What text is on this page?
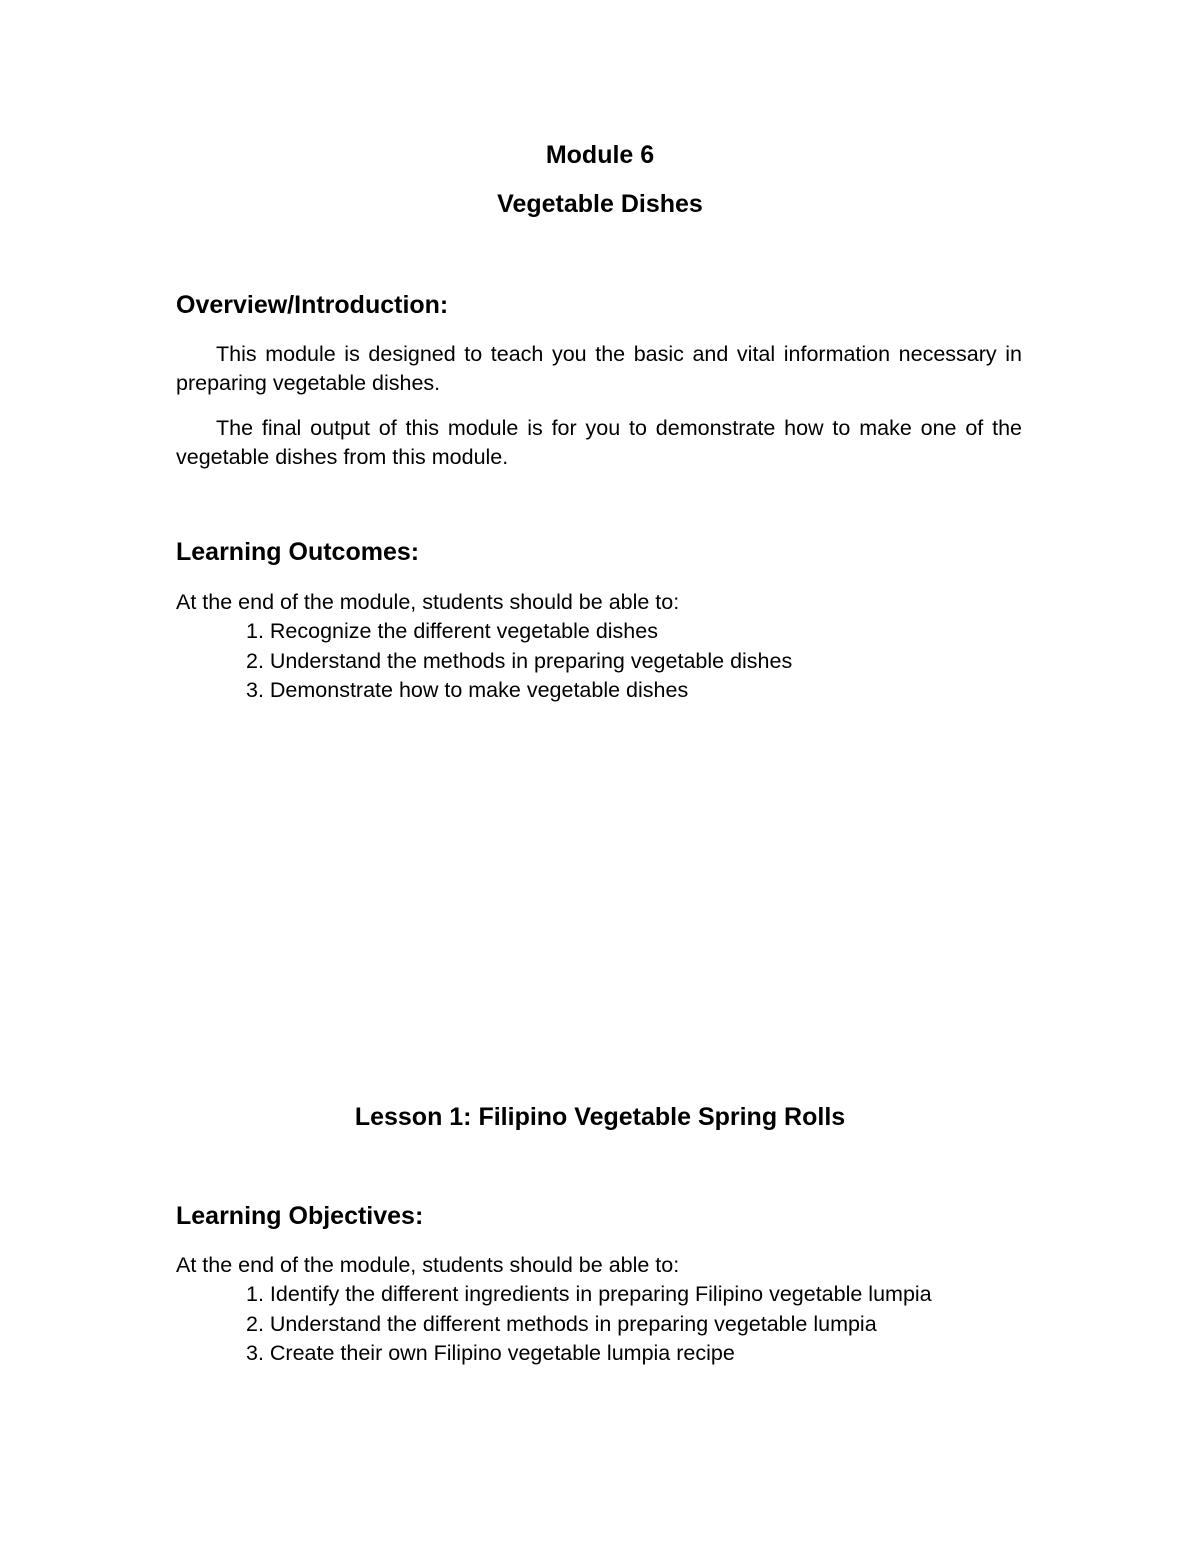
Module 6
Vegetable Dishes
Overview/Introduction:

This module is designed to teach you the basic and vital information necessary in preparing vegetable dishes.

The final output of this module is for you to demonstrate how to make one of the vegetable dishes from this module.

Learning Outcomes:

At the end of the module, students should be able to:

1. Recognize the different vegetable dishes
2. Understand the methods in preparing vegetable dishes
3. Demonstrate how to make vegetable dishes
Lesson 1: Filipino Vegetable Spring Rolls
Learning Objectives:

At the end of the module, students should be able to:

1. Identify the different ingredients in preparing Filipino vegetable lumpia
2. Understand the different methods in preparing vegetable lumpia
3. Create their own Filipino vegetable lumpia recipe
